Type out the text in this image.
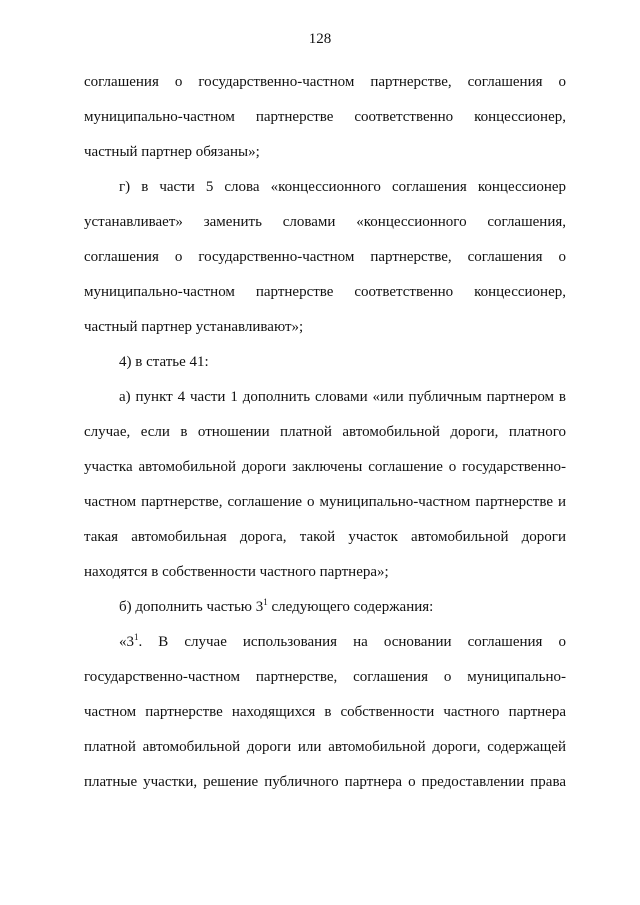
128
соглашения о государственно-частном партнерстве, соглашения о
муниципально-частном партнерстве соответственно концессионер,
частный партнер обязаны»;
г) в части 5 слова «концессионного соглашения концессионер
устанавливает» заменить словами «концессионного соглашения,
соглашения о государственно-частном партнерстве, соглашения о
муниципально-частном партнерстве соответственно концессионер,
частный партнер устанавливают»;
4) в статье 41:
а) пункт 4 части 1 дополнить словами «или публичным партнером в
случае, если в отношении платной автомобильной дороги, платного
участка автомобильной дороги заключены соглашение о государственно-
частном партнерстве, соглашение о муниципально-частном партнерстве и
такая автомобильная дорога, такой участок автомобильной дороги
находятся в собственности частного партнера»;
б) дополнить частью $3^1$ следующего содержания:
«$3^1$. В случае использования на основании соглашения о
государственно-частном партнерстве, соглашения о муниципально-
частном партнерстве находящихся в собственности частного партнера
платной автомобильной дороги или автомобильной дороги, содержащей
платные участки, решение публичного партнера о предоставлении права
